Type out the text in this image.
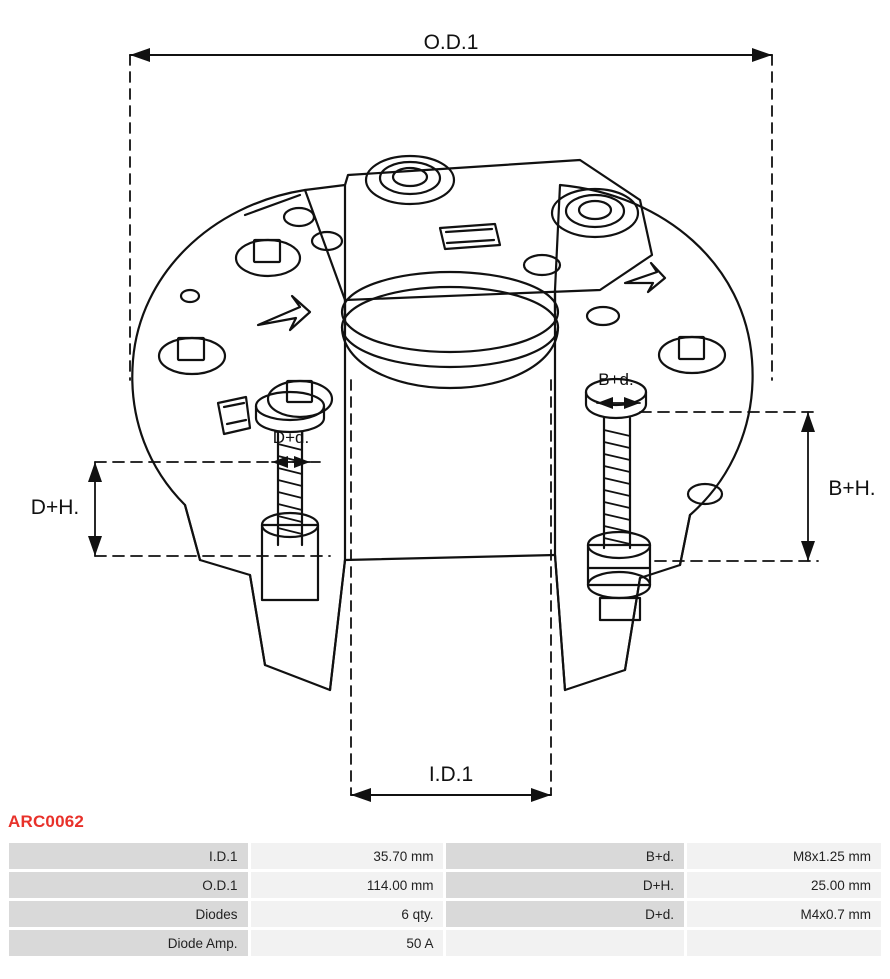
O.D.1
I.D.1
D+H.
D+d.
B+H.
B+d.
ARC0062
I.D.1	35.70 mm	B+d.	M8x1.25 mm
O.D.1	114.00 mm	D+H.	25.00 mm
Diodes	6 qty.	D+d.	M4x0.7 mm
Diode Amp.	50 A		
